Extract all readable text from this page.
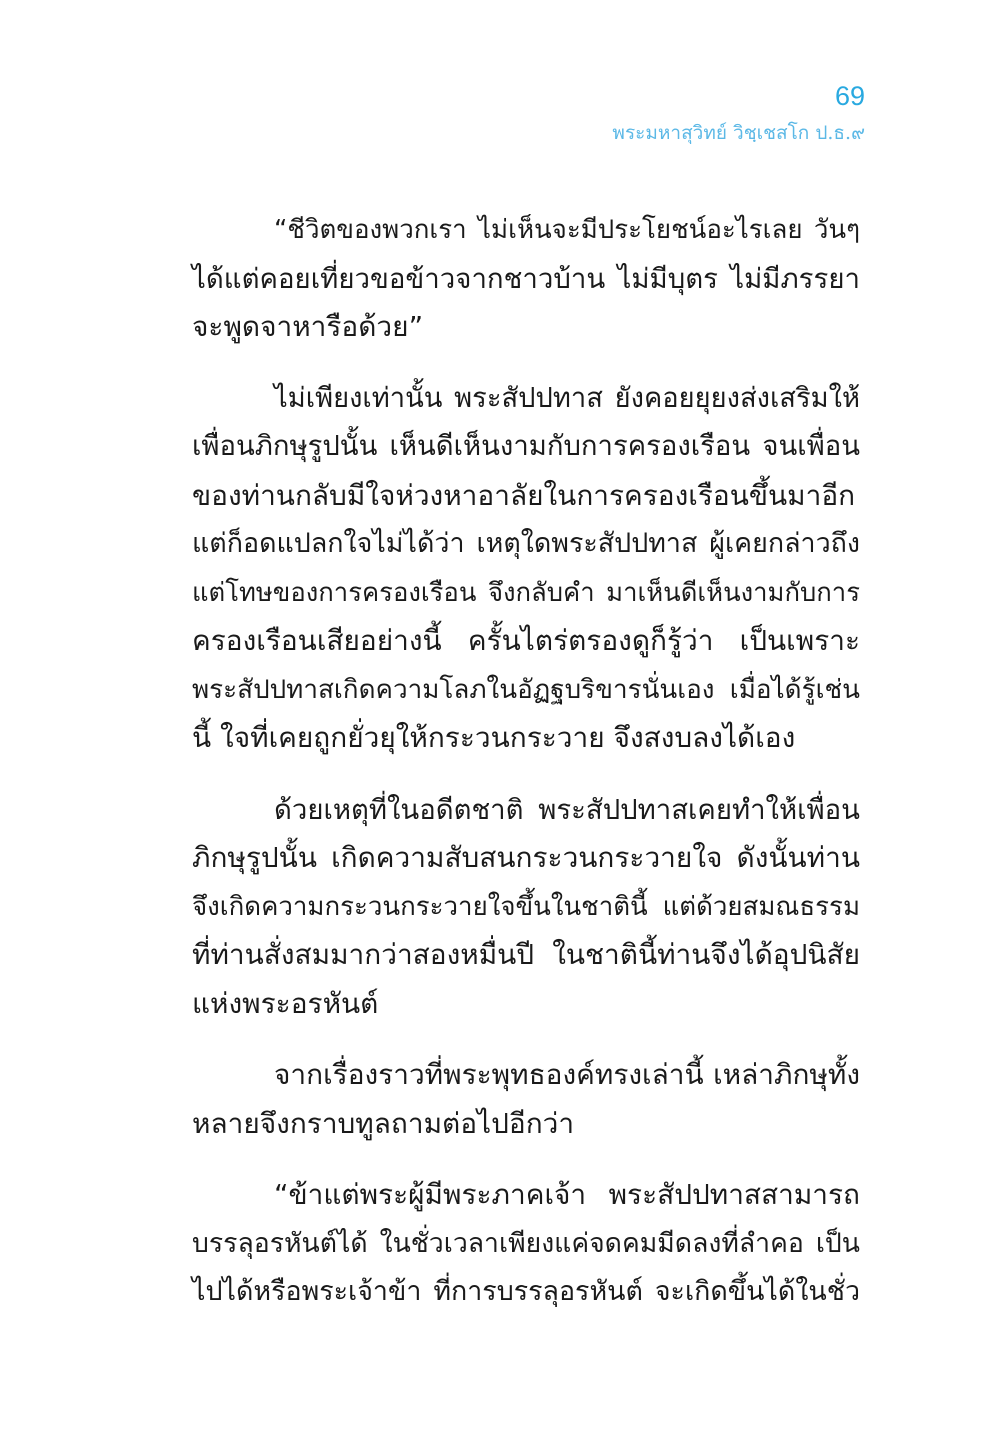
69
พระมหาสุวิทย์ วิชฺเชสโก ป.ธ.๙
“ชีวิตของพวกเรา ไม่เห็นจะมีประโยชน์อะไรเลย วันๆ
ได้แต่คอยเที่ยวขอข้าวจากชาวบ้าน ไม่มีบุตร ไม่มีภรรยา
จะพูดจาหารือด้วย”
ไม่เพียงเท่านั้น พระสัปปทาส ยังคอยยุยงส่งเสริมให้
เพื่อนภิกษุรูปนั้น เห็นดีเห็นงามกับการครองเรือน จนเพื่อน
ของท่านกลับมีใจห่วงหาอาลัยในการครองเรือนขึ้นมาอีก
แต่ก็อดแปลกใจไม่ได้ว่า เหตุใดพระสัปปทาส ผู้เคยกล่าวถึง
แต่โทษของการครองเรือน จึงกลับคำ มาเห็นดีเห็นงามกับการ
ครองเรือนเสียอย่างนี้ ครั้นไตร่ตรองดูก็รู้ว่า เป็นเพราะ
พระสัปปทาสเกิดความโลภในอัฏฐบริขารนั่นเอง เมื่อได้รู้เช่น
นี้ ใจที่เคยถูกยั่วยุให้กระวนกระวาย จึงสงบลงได้เอง
ด้วยเหตุที่ในอดีตชาติ พระสัปปทาสเคยทำให้เพื่อน
ภิกษุรูปนั้น เกิดความสับสนกระวนกระวายใจ ดังนั้นท่าน
จึงเกิดความกระวนกระวายใจขึ้นในชาตินี้ แต่ด้วยสมณธรรม
ที่ท่านสั่งสมมากว่าสองหมื่นปี ในชาตินี้ท่านจึงได้อุปนิสัย
แห่งพระอรหันต์
จากเรื่องราวที่พระพุทธองค์ทรงเล่านี้ เหล่าภิกษุทั้ง
หลายจึงกราบทูลถามต่อไปอีกว่า
“ข้าแต่พระผู้มีพระภาคเจ้า พระสัปปทาสสามารถ
บรรลุอรหันต์ได้ ในชั่วเวลาเพียงแค่จดคมมีดลงที่ลำคอ เป็น
ไปได้หรือพระเจ้าข้า ที่การบรรลุอรหันต์ จะเกิดขึ้นได้ในชั่ว
